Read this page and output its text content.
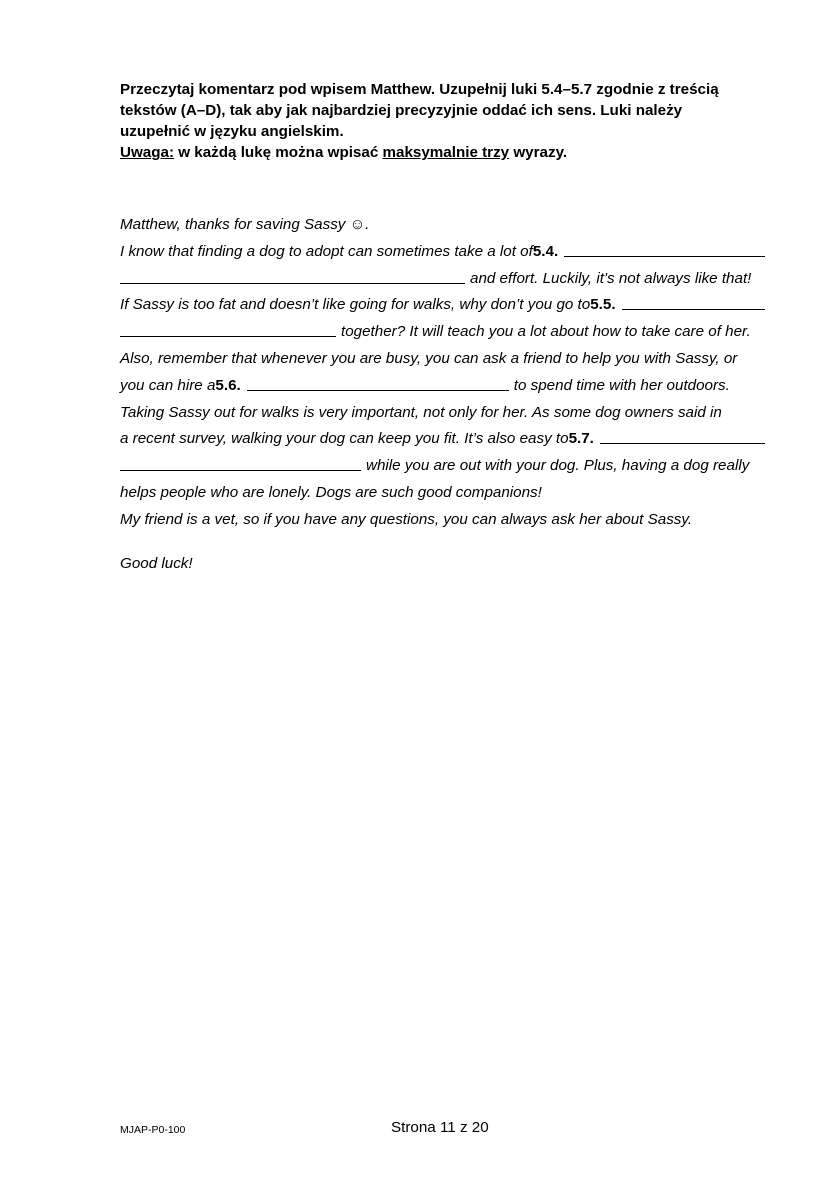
Przeczytaj komentarz pod wpisem Matthew. Uzupełnij luki 5.4–5.7 zgodnie z treścią
tekstów (A–D), tak aby jak najbardziej precyzyjnie oddać ich sens. Luki należy
uzupełnić w języku angielskim.
Uwaga: w każdą lukę można wpisać maksymalnie trzy wyrazy.
Matthew, thanks for saving Sassy ☺.
I know that finding a dog to adopt can sometimes take a lot of 5.4.
and effort. Luckily, it’s not always like that!
If Sassy is too fat and doesn’t like going for walks, why don’t you go to 5.5.
together? It will teach you a lot about how to take care of her.
Also, remember that whenever you are busy, you can ask a friend to help you with Sassy, or
you can hire a 5.6.	to spend time with her outdoors.
Taking Sassy out for walks is very important, not only for her. As some dog owners said in
a recent survey, walking your dog can keep you fit. It’s also easy to 5.7.
while you are out with your dog. Plus, having a dog really
helps people who are lonely. Dogs are such good companions!
My friend is a vet, so if you have any questions, you can always ask her about Sassy.
Good luck!
MJAP-P0-100	Strona 11 z 20
